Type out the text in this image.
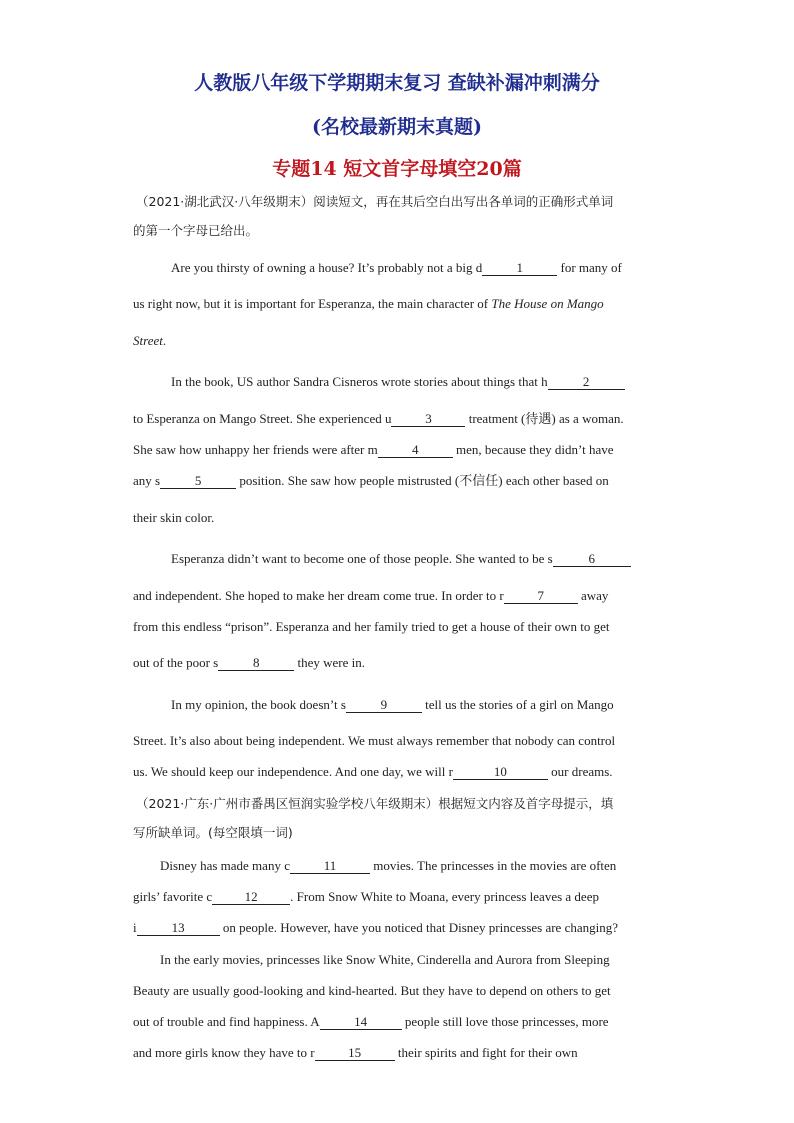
人教版八年级下学期期末复习 查缺补漏冲刺满分
(名校最新期末真题)
专题14 短文首字母填空20篇
（2021·湖北武汉·八年级期末）阅读短文，再在其后空白出写出各单词的正确形式单词
的第一个字母已给出。
Are you thirsty of owning a house? It’s probably not a big d	1	for many of
us right now, but it is important for Esperanza, the main character of The House on Mango
Street.
In the book, US author Sandra Cisneros wrote stories about things that h	2
to Esperanza on Mango Street. She experienced u	3	treatment (待遇) as a woman.
She saw how unhappy her friends were after m	4	men, because they didn’t have
any s	5	position. She saw how people mistrusted (不信任) each other based on
their skin color.
Esperanza didn’t want to become one of those people. She wanted to be s	6
and independent. She hoped to make her dream come true. In order to r	7	away
from this endless “prison”. Esperanza and her family tried to get a house of their own to get
out of the poor s	8	they were in.
In my opinion, the book doesn’t s	9	tell us the stories of a girl on Mango
Street. It’s also about being independent. We must always remember that nobody can control
us. We should keep our independence. And one day, we will r	10	our dreams.
（2021·广东·广州市番禺区恒润实验学校八年级期末）根据短文内容及首字母提示，填
写所缺单词。(每空限填一词)
Disney has made many c	11	movies. The princesses in the movies are often
girls’ favorite c	12	. From Snow White to Moana, every princess leaves a deep
i	13	on people. However, have you noticed that Disney princesses are changing?
In the early movies, princesses like Snow White, Cinderella and Aurora from Sleeping
Beauty are usually good-looking and kind-hearted. But they have to depend on others to get
out of trouble and find happiness. A	14	people still love those princesses, more
and more girls know they have to r	15	their spirits and fight for their own
